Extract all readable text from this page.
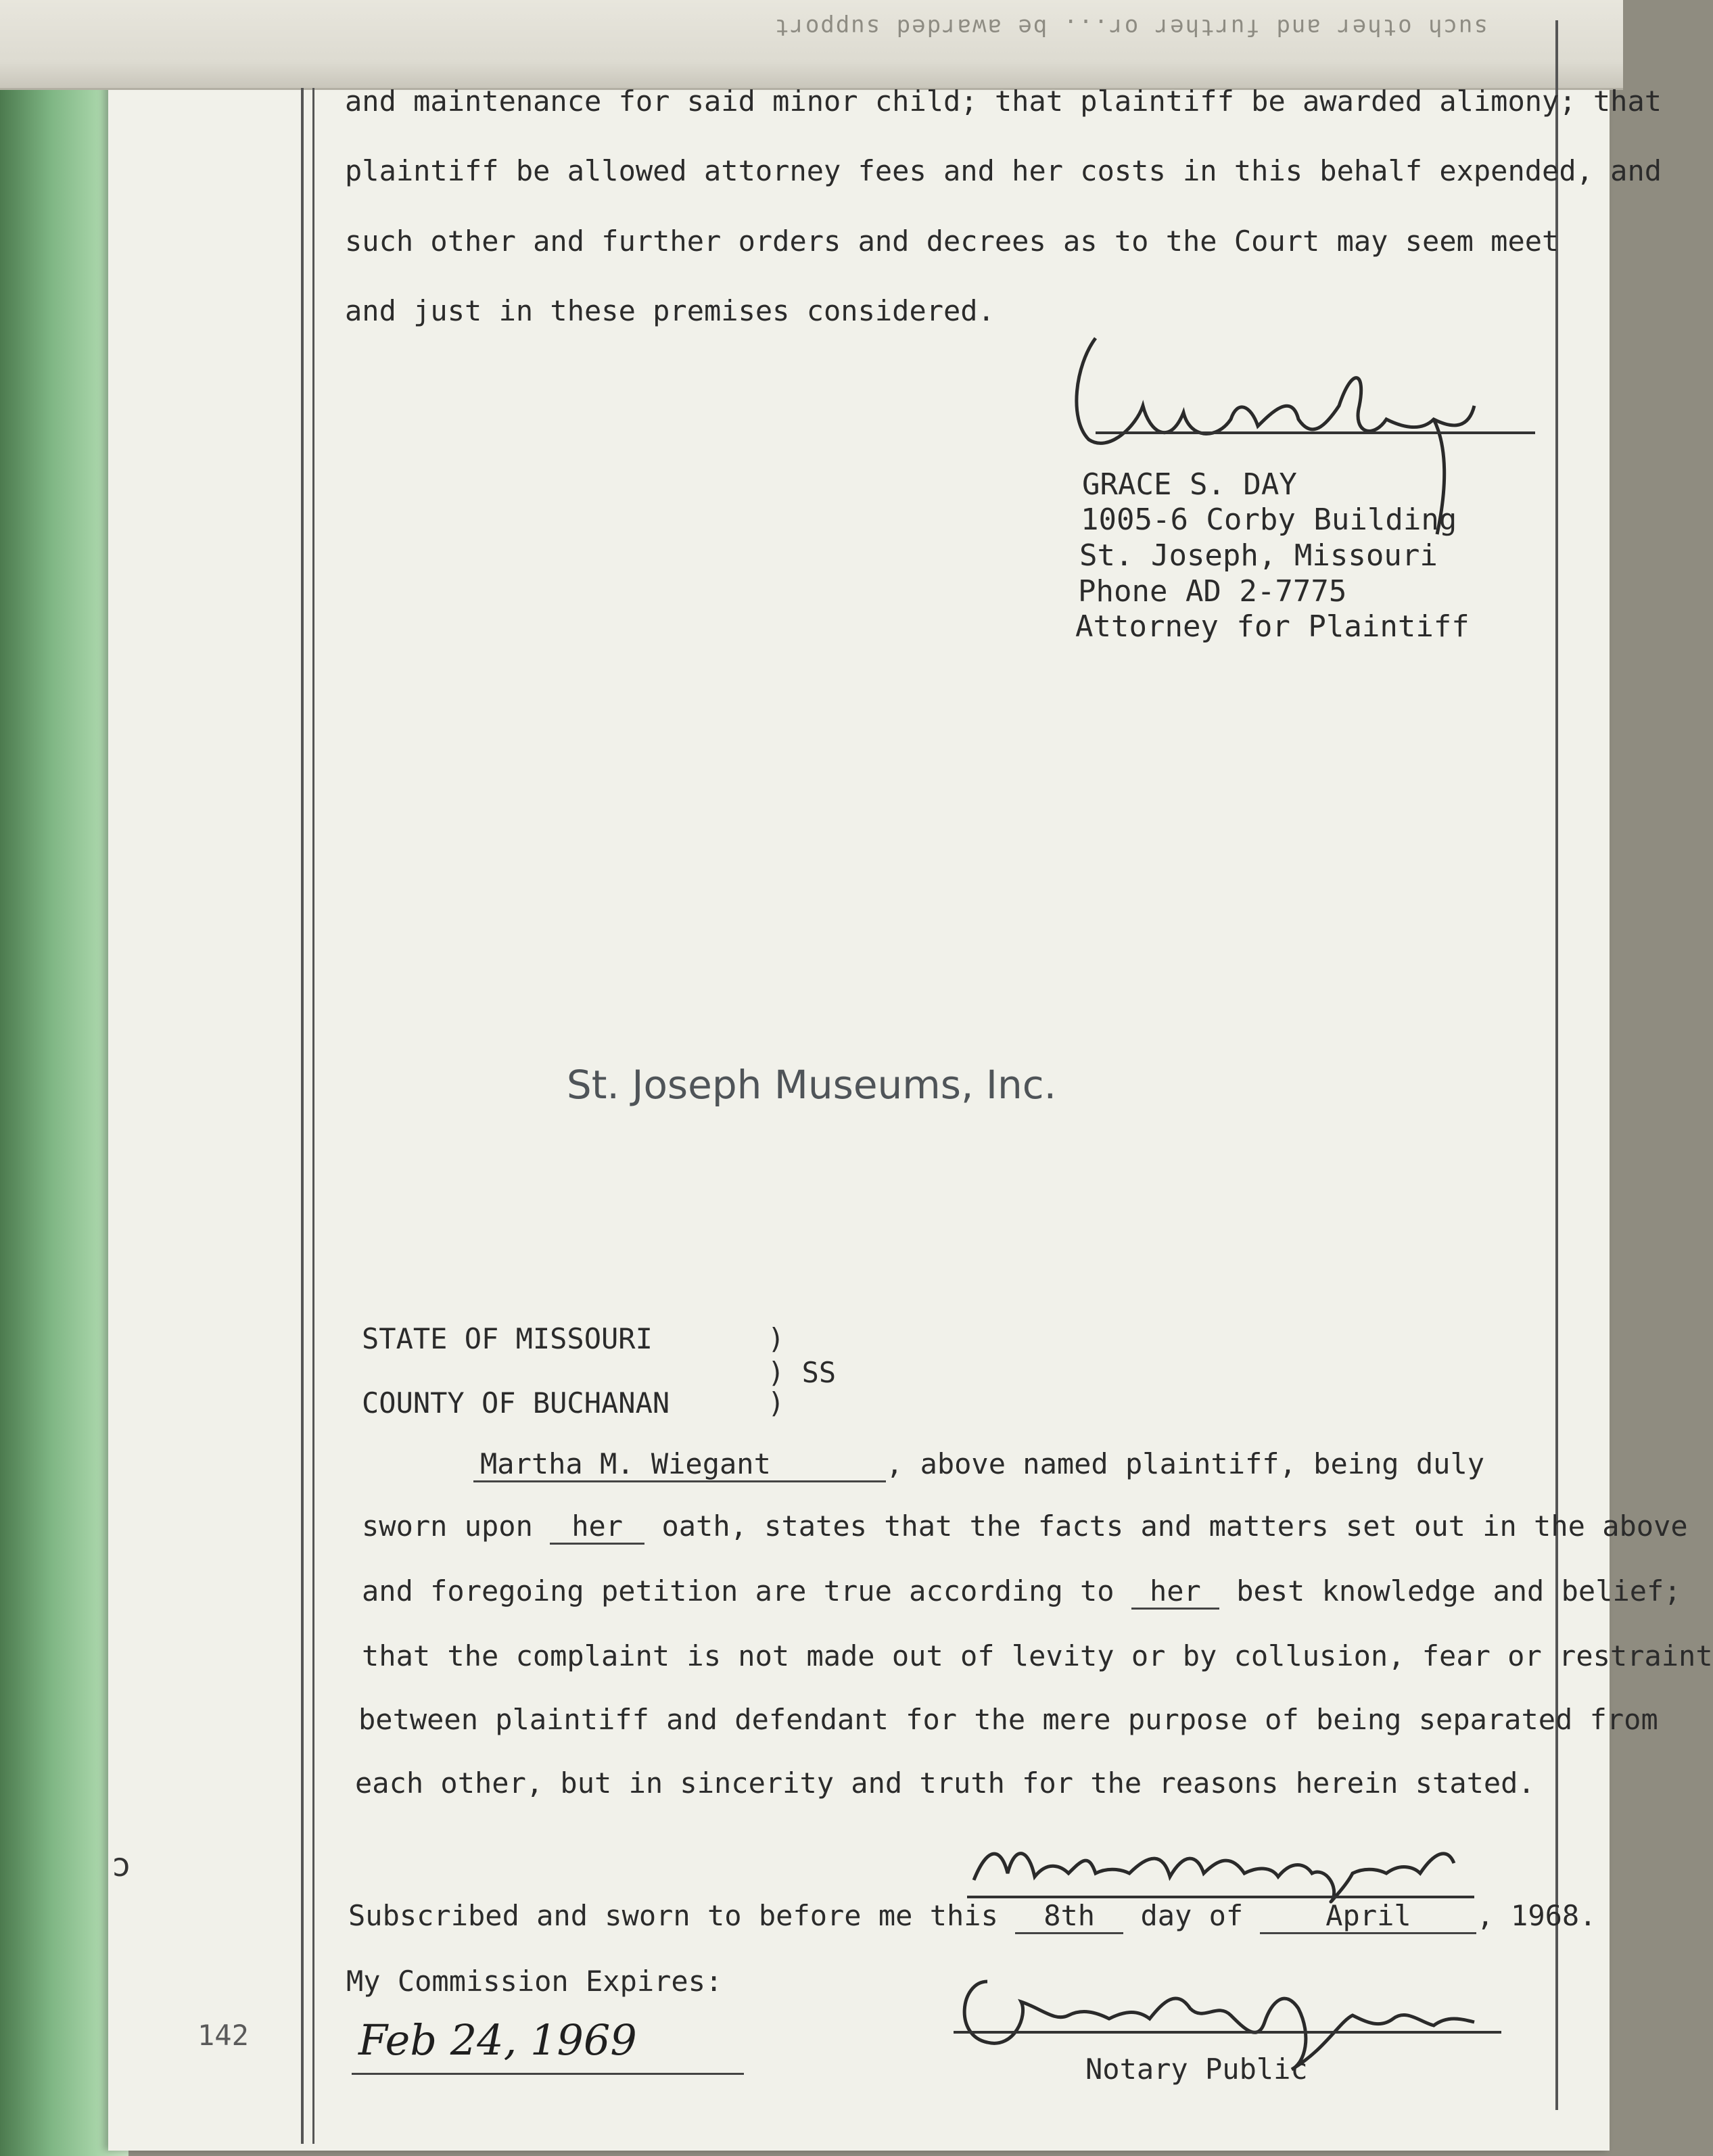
such other and further or... be awarded support
and maintenance for said minor child; that plaintiff be awarded alimony; that
plaintiff be allowed attorney fees and her costs in this behalf expended, and
such other and further orders and decrees as to the Court may seem meet
and just in these premises considered.
GRACE S. DAY
1005-6 Corby Building
St. Joseph, Missouri
Phone AD 2-7775
Attorney for Plaintiff
St. Joseph Museums, Inc.
STATE OF MISSOURI	)
) SS
COUNTY OF BUCHANAN	)
Martha M. Wiegant	, above named plaintiff, being duly
sworn upon her oath, states that the facts and matters set out in the above
and foregoing petition are true according to her best knowledge and belief;
that the complaint is not made out of levity or by collusion, fear or restraint
between plaintiff and defendant for the mere purpose of being separated from
each other, but in sincerity and truth for the reasons herein stated.
Subscribed and sworn to before me this 8th day of	April , 1968.
My Commission Expires:
Feb 24, 1969
Notary Public
142
ɔ
